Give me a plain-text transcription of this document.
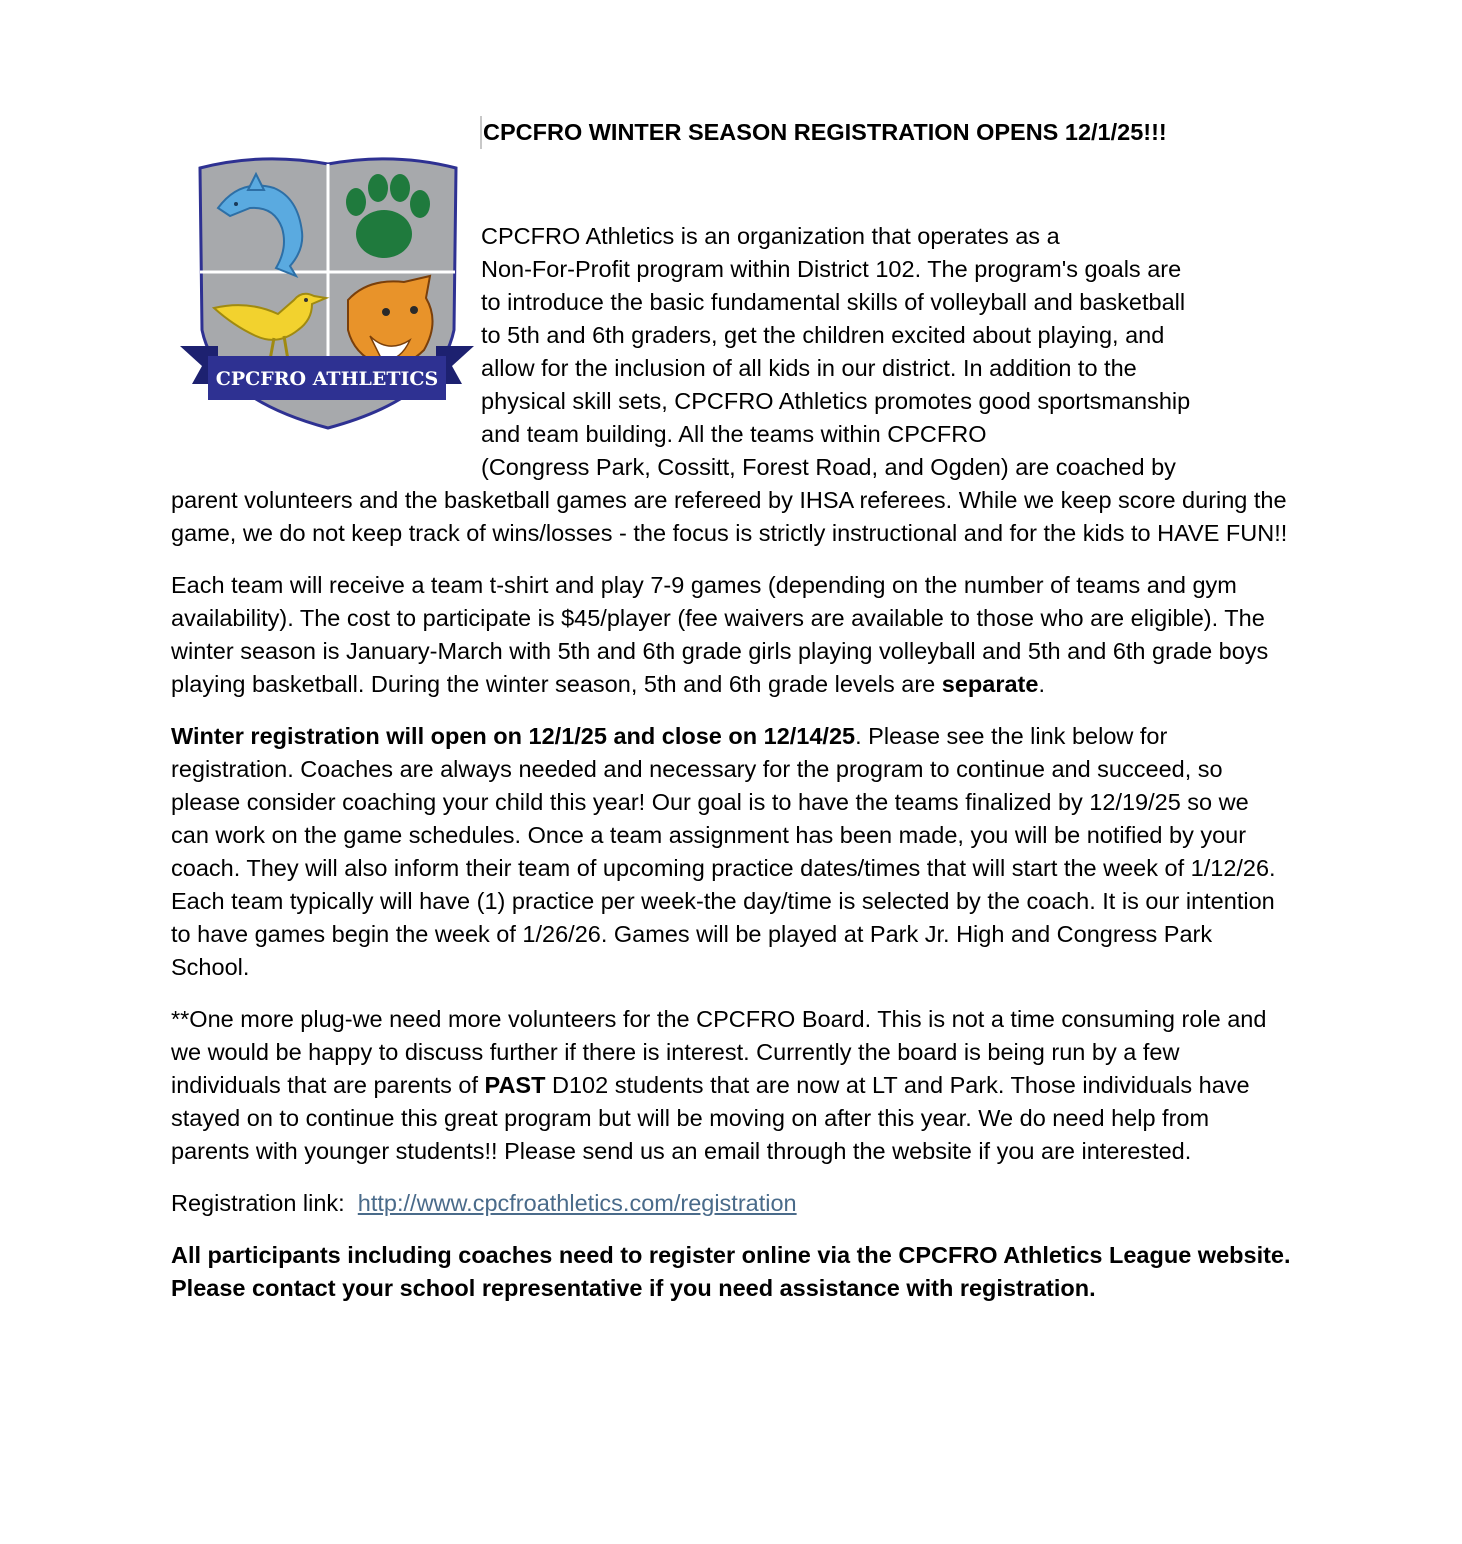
CPCFRO ATHLETICS
CPCFRO WINTER SEASON REGISTRATION OPENS 12/1/25!!!
CPCFRO Athletics is an organization that operates as a
Non-For-Profit program within District 102. The program's goals are
to introduce the basic fundamental skills of volleyball and basketball
to 5th and 6th graders, get the children excited about playing, and
allow for the inclusion of all kids in our district. In addition to the
physical skill sets, CPCFRO Athletics promotes good sportsmanship
and team building. All the teams within CPCFRO
(Congress Park, Cossitt, Forest Road, and Ogden) are coached by

parent volunteers and the basketball games are refereed by IHSA referees. While we keep score during the game, we do not keep track of wins/losses - the focus is strictly instructional and for the kids to HAVE FUN!!

Each team will receive a team t-shirt and play 7-9 games (depending on the number of teams and gym availability). The cost to participate is $45/player (fee waivers are available to those who are eligible). The winter season is January-March with 5th and 6th grade girls playing volleyball and 5th and 6th grade boys playing basketball. During the winter season, 5th and 6th grade levels are separate.

Winter registration will open on 12/1/25 and close on 12/14/25. Please see the link below for registration. Coaches are always needed and necessary for the program to continue and succeed, so please consider coaching your child this year! Our goal is to have the teams finalized by 12/19/25 so we can work on the game schedules. Once a team assignment has been made, you will be notified by your coach. They will also inform their team of upcoming practice dates/times that will start the week of 1/12/26. Each team typically will have (1) practice per week-the day/time is selected by the coach. It is our intention to have games begin the week of 1/26/26. Games will be played at Park Jr. High and Congress Park School.

**One more plug-we need more volunteers for the CPCFRO Board. This is not a time consuming role and we would be happy to discuss further if there is interest. Currently the board is being run by a few individuals that are parents of PAST D102 students that are now at LT and Park. Those individuals have stayed on to continue this great program but will be moving on after this year. We do need help from parents with younger students!! Please send us an email through the website if you are interested.

Registration link:  http://www.cpcfroathletics.com/registration

All participants including coaches need to register online via the CPCFRO Athletics League website. Please contact your school representative if you need assistance with registration.
